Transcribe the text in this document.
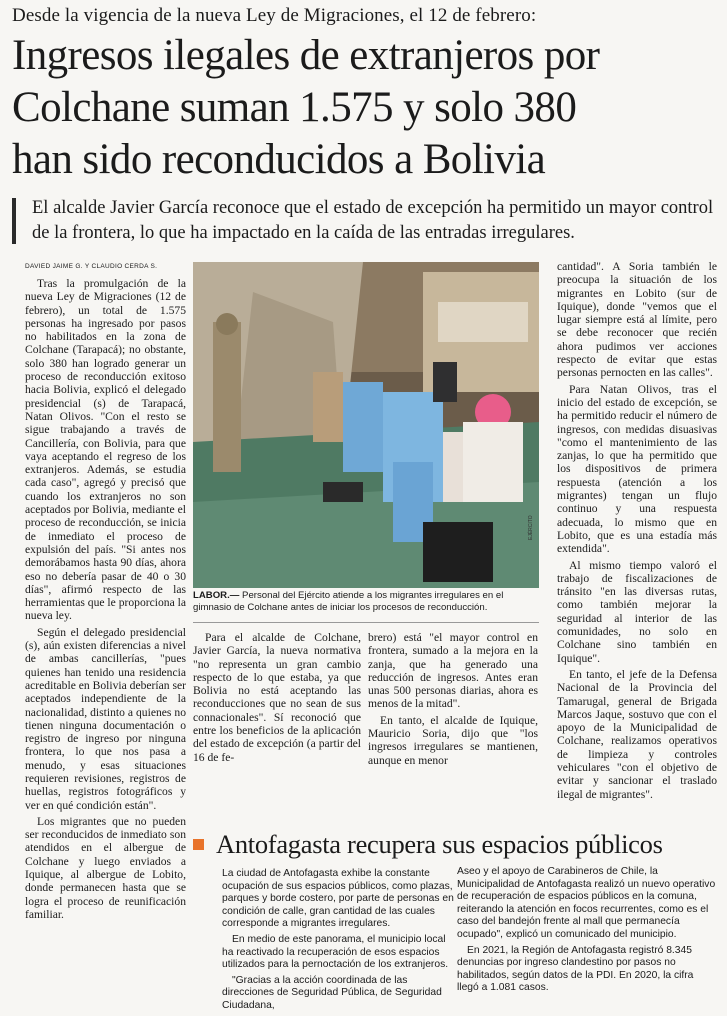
Desde la vigencia de la nueva Ley de Migraciones, el 12 de febrero:
Ingresos ilegales de extranjeros por
Colchane suman 1.575 y solo 380
han sido reconducidos a Bolivia
El alcalde Javier García reconoce que el estado de excepción ha permitido un mayor control de la frontera, lo que ha impactado en la caída de las entradas irregulares.
DAVIED JAIME G. Y CLAUDIO CERDA S.

Tras la promulgación de la nueva Ley de Migraciones (12 de febrero), un total de 1.575 personas ha ingresado por pasos no habilitados en la zona de Colchane (Tarapacá); no obstante, solo 380 han logrado generar un proceso de reconducción exitoso hacia Bolivia, explicó el delegado presidencial (s) de Tarapacá, Natan Olivos. "Con el resto se sigue trabajando a través de Cancillería, con Bolivia, para que vaya aceptando el regreso de los extranjeros. Además, se estudia cada caso", agregó y precisó que cuando los extranjeros no son aceptados por Bolivia, mediante el proceso de reconducción, se inicia de inmediato el proceso de expulsión del país. "Si antes nos demorábamos hasta 90 días, ahora eso no debería pasar de 40 o 30 días", afirmó respecto de las herramientas que le proporciona la nueva ley.

Según el delegado presidencial (s), aún existen diferencias a nivel de ambas cancillerías, "pues quienes han tenido una residencia acreditable en Bolivia deberían ser aceptados independiente de la nacionalidad, distinto a quienes no tienen ninguna documentación o registro de ingreso por ninguna frontera, lo que nos pasa a menudo, y esas situaciones requieren revisiones, registros de huellas, registros fotográficos y ver en qué condición están".

Los migrantes que no pueden ser reconducidos de inmediato son atendidos en el albergue de Colchane y luego enviados a Iquique, al albergue de Lobito, donde permanecen hasta que se logra el proceso de reunificación familiar.

EJÉRCITO
LABOR.— Personal del Ejército atiende a los migrantes irregulares en el gimnasio de Colchane antes de iniciar los procesos de reconducción.

Para el alcalde de Colchane, Javier García, la nueva normativa "no representa un gran cambio respecto de lo que estaba, ya que Bolivia no está aceptando las reconducciones que no sean de sus connacionales". Sí reconoció que entre los beneficios de la aplicación del estado de excepción (a partir del 16 de fe-

brero) está "el mayor control en frontera, sumado a la mejora en la zanja, que ha generado una reducción de ingresos. Antes eran unas 500 personas diarias, ahora es menos de la mitad".

En tanto, el alcalde de Iquique, Mauricio Soria, dijo que "los ingresos irregulares se mantienen, aunque en menor

cantidad". A Soria también le preocupa la situación de los migrantes en Lobito (sur de Iquique), donde "vemos que el lugar siempre está al límite, pero se debe reconocer que recién ahora pudimos ver acciones respecto de evitar que estas personas pernocten en las calles".

Para Natan Olivos, tras el inicio del estado de excepción, se ha permitido reducir el número de ingresos, con medidas disuasivas "como el mantenimiento de las zanjas, lo que ha permitido que los dispositivos de primera respuesta (atención a los migrantes) tengan un flujo continuo y una respuesta adecuada, lo mismo que en Lobito, que es una estadía más extendida".

Al mismo tiempo valoró el trabajo de fiscalizaciones de tránsito "en las diversas rutas, como también mejorar la seguridad al interior de las comunidades, no solo en Colchane sino también en Iquique".

En tanto, el jefe de la Defensa Nacional de la Provincia del Tamarugal, general de Brigada Marcos Jaque, sostuvo que con el apoyo de la Municipalidad de Colchane, realizamos operativos de limpieza y controles vehiculares "con el objetivo de evitar y sancionar el traslado ilegal de migrantes".

Antofagasta recupera sus espacios públicos

La ciudad de Antofagasta exhibe la constante ocupación de sus espacios públicos, como plazas, parques y borde costero, por parte de personas en condición de calle, gran cantidad de las cuales corresponde a migrantes irregulares.

En medio de este panorama, el municipio local ha reactivado la recuperación de esos espacios utilizados para la pernoctación de los extranjeros.

"Gracias a la acción coordinada de las direcciones de Seguridad Pública, de Seguridad Ciudadana,

Aseo y el apoyo de Carabineros de Chile, la Municipalidad de Antofagasta realizó un nuevo operativo de recuperación de espacios públicos en la comuna, reiterando la atención en focos recurrentes, como es el caso del bandejón frente al mall que permanecía ocupado", explicó un comunicado del municipio.

En 2021, la Región de Antofagasta registró 8.345 denuncias por ingreso clandestino por pasos no habilitados, según datos de la PDI. En 2020, la cifra llegó a 1.081 casos.
